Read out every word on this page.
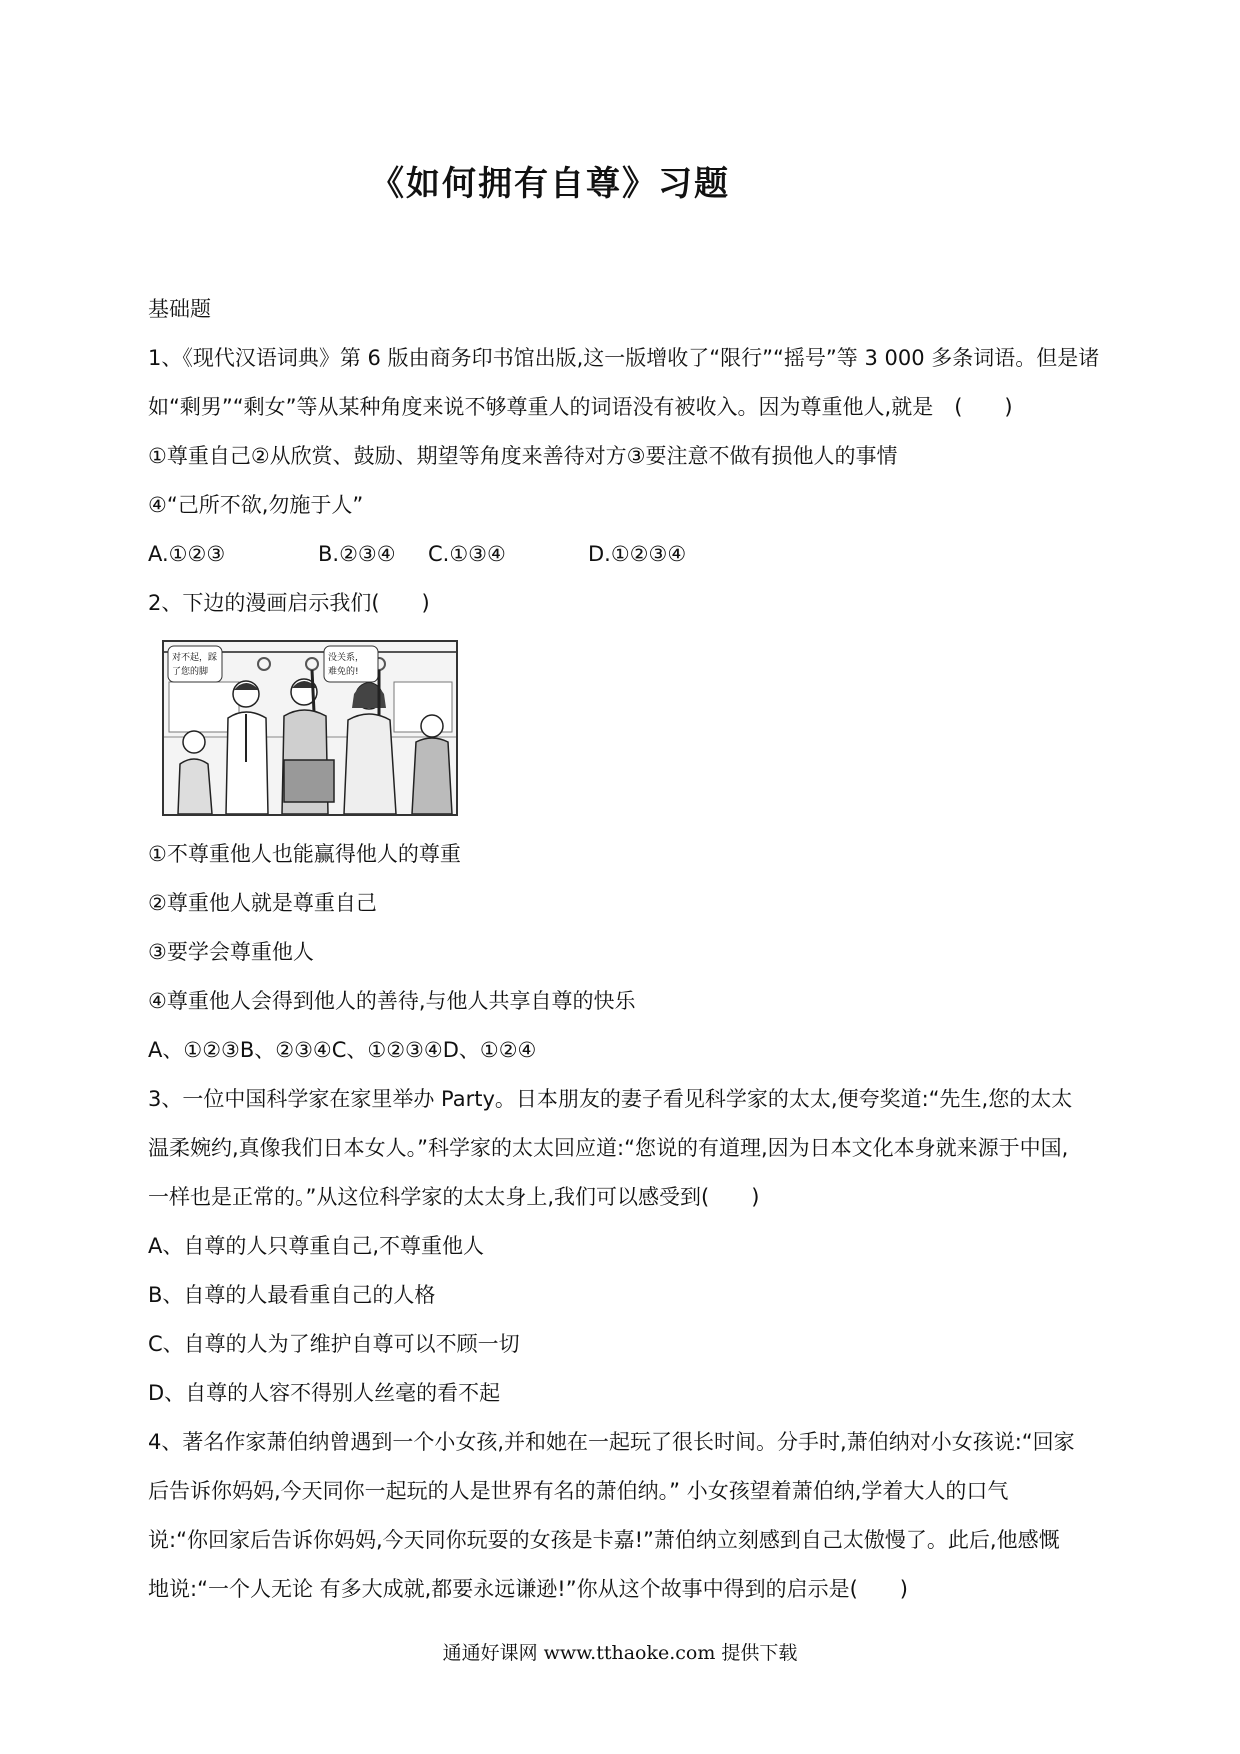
《如何拥有自尊》习题
基础题
1、《现代汉语词典》第 6 版由商务印书馆出版,这一版增收了“限行”“摇号”等 3 000 多条词语。但是诸
如“剩男”“剩女”等从某种角度来说不够尊重人的词语没有被收入。因为尊重他人,就是　(　　)
①尊重自己②从欣赏、鼓励、期望等角度来善待对方③要注意不做有损他人的事情
④“己所不欲,勿施于人”
A.①②③	B.②③④	C.①③④	D.①②③④
2、下边的漫画启示我们(　　)
对不起，踩
了您的脚
没关系，
难免的!
①不尊重他人也能赢得他人的尊重
②尊重他人就是尊重自己
③要学会尊重他人
④尊重他人会得到他人的善待,与他人共享自尊的快乐
A、①②③B、②③④C、①②③④D、①②④
3、一位中国科学家在家里举办 Party。日本朋友的妻子看见科学家的太太,便夸奖道:“先生,您的太太
温柔婉约,真像我们日本女人。”科学家的太太回应道:“您说的有道理,因为日本文化本身就来源于中国,
一样也是正常的。”从这位科学家的太太身上,我们可以感受到(　　)
A、自尊的人只尊重自己,不尊重他人
B、自尊的人最看重自己的人格
C、自尊的人为了维护自尊可以不顾一切
D、自尊的人容不得别人丝毫的看不起
4、著名作家萧伯纳曾遇到一个小女孩,并和她在一起玩了很长时间。分手时,萧伯纳对小女孩说:“回家
后告诉你妈妈,今天同你一起玩的人是世界有名的萧伯纳。” 小女孩望着萧伯纳,学着大人的口气
说:“你回家后告诉你妈妈,今天同你玩耍的女孩是卡嘉!”萧伯纳立刻感到自己太傲慢了。此后,他感慨
地说:“一个人无论 有多大成就,都要永远谦逊!”你从这个故事中得到的启示是(　　)
通通好课网 www.tthaoke.com 提供下载
